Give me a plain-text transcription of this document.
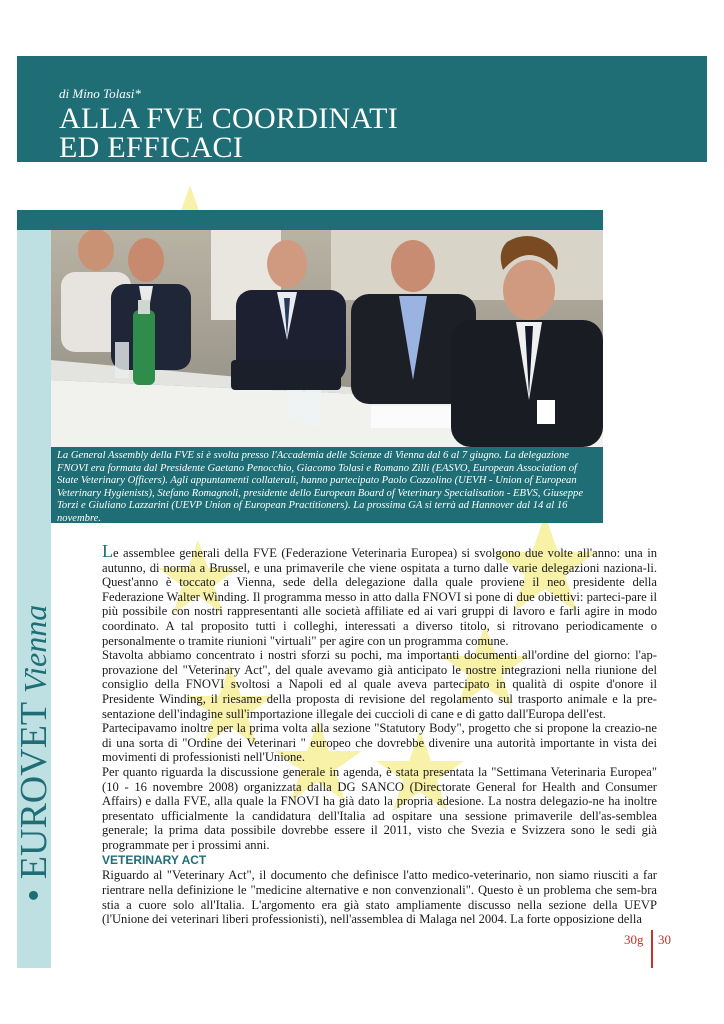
di Mino Tolasi*
ALLA FVE COORDINATI
ED EFFICACI
• EUROVET Vienna
La General Assembly della FVE si è svolta presso l'Accademia delle Scienze di Vienna dal 6 al 7 giugno. La delegazione FNOVI era formata dal Presidente Gaetano Penocchio, Giacomo Tolasi e Romano Zilli (EASVO, European Association of State Veterinary Officers). Agli appuntamenti collaterali, hanno partecipato Paolo Cozzolino (UEVH - Union of European Veterinary Hygienists), Stefano Romagnoli, presidente dello European Board of Veterinary Specialisation - EBVS, Giuseppe Torzi e Giuliano Lazzarini (UEVP Union of European Practitioners). La prossima GA si terrà ad Hannover dal 14 al 16 novembre.

Le assemblee generali della FVE (Federazione Veterinaria Europea) si svolgono due volte all'anno: una in autunno, di norma a Brussel, e una primaverile che viene ospitata a turno dalle varie delegazioni naziona-li. Quest'anno è toccato a Vienna, sede della delegazione dalla quale proviene il neo presidente della Federazione Walter Winding. Il programma messo in atto dalla FNOVI si pone di due obiettivi: parteci-pare il più possibile con nostri rappresentanti alle società affiliate ed ai vari gruppi di lavoro e farli agire in modo coordinato. A tal proposito tutti i colleghi, interessati a diverso titolo, si ritrovano periodicamente o personalmente o tramite riunioni "virtuali" per agire con un programma comune.

Stavolta abbiamo concentrato i nostri sforzi su pochi, ma importanti documenti all'ordine del giorno: l'ap-provazione del "Veterinary Act", del quale avevamo già anticipato le nostre integrazioni nella riunione del consiglio della FNOVI svoltosi a Napoli ed al quale aveva partecipato in qualità di ospite d'onore il Presidente Winding, il riesame della proposta di revisione del regolamento sul trasporto animale e la pre-sentazione dell'indagine sull'importazione illegale dei cuccioli di cane e di gatto dall'Europa dell'est.

Partecipavamo inoltre per la prima volta alla sezione "Statutory Body", progetto che si propone la creazio-ne di una sorta di "Ordine dei Veterinari " europeo che dovrebbe divenire una autorità importante in vista dei movimenti di professionisti nell'Unione.

Per quanto riguarda la discussione generale in agenda, è stata presentata la "Settimana Veterinaria Europea" (10 - 16 novembre 2008) organizzata dalla DG SANCO (Directorate General for Health and Consumer Affairs) e dalla FVE, alla quale la FNOVI ha già dato la propria adesione. La nostra delegazio-ne ha inoltre presentato ufficialmente la candidatura dell'Italia ad ospitare una sessione primaverile dell'as-semblea generale; la prima data possibile dovrebbe essere il 2011, visto che Svezia e Svizzera sono le sedi già programmate per i prossimi anni.

VETERINARY ACT

Riguardo al "Veterinary Act", il documento che definisce l'atto medico-veterinario, non siamo riusciti a far rientrare nella definizione le "medicine alternative e non convenzionali". Questo è un problema che sem-bra stia a cuore solo all'Italia. L'argomento era già stato ampliamente discusso nella sezione della UEVP (l'Unione dei veterinari liberi professionisti), nell'assemblea di Malaga nel 2004. La forte opposizione della

30g 30
